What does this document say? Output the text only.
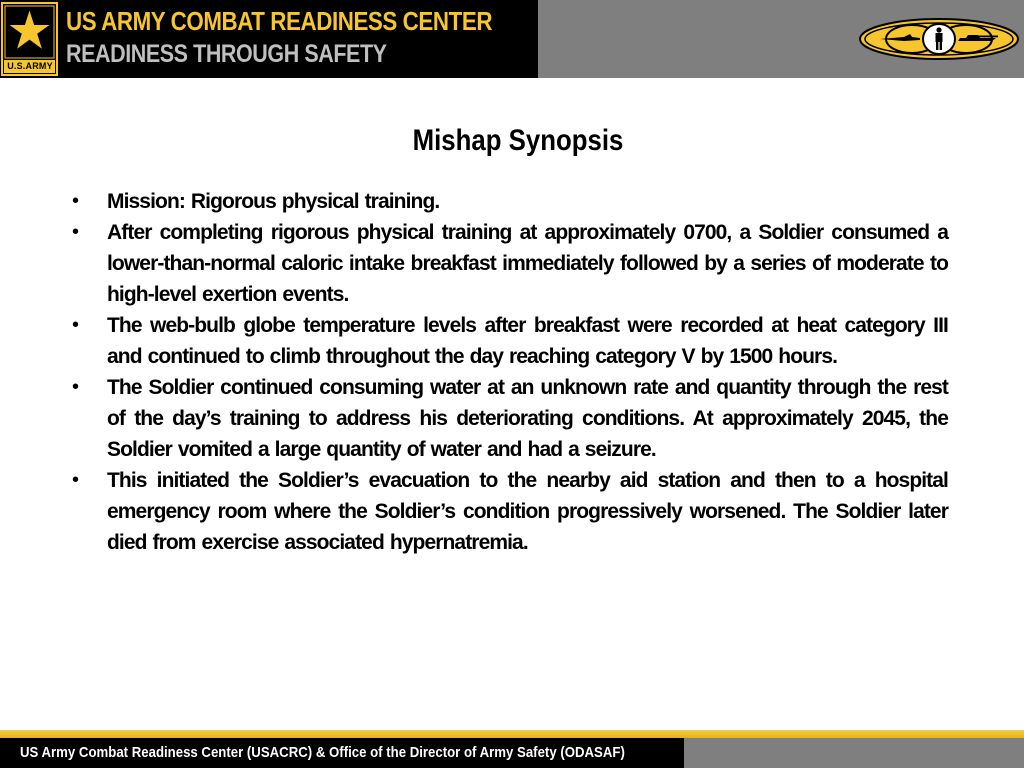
U.S.ARMY
US ARMY COMBAT READINESS CENTER
READINESS THROUGH SAFETY
Mishap Synopsis
• Mission: Rigorous physical training.
• After completing rigorous physical training at approximately 0700, a Soldier consumed a lower-than-normal caloric intake breakfast immediately followed by a series of moderate to high-level exertion events.
• The web-bulb globe temperature levels after breakfast were recorded at heat category III and continued to climb throughout the day reaching category V by 1500 hours.
• The Soldier continued consuming water at an unknown rate and quantity through the rest of the day’s training to address his deteriorating conditions. At approximately 2045, the Soldier vomited a large quantity of water and had a seizure.
• This initiated the Soldier’s evacuation to the nearby aid station and then to a hospital emergency room where the Soldier’s condition progressively worsened. The Soldier later died from exercise associated hypernatremia.
US Army Combat Readiness Center (USACRC) & Office of the Director of Army Safety (ODASAF)
